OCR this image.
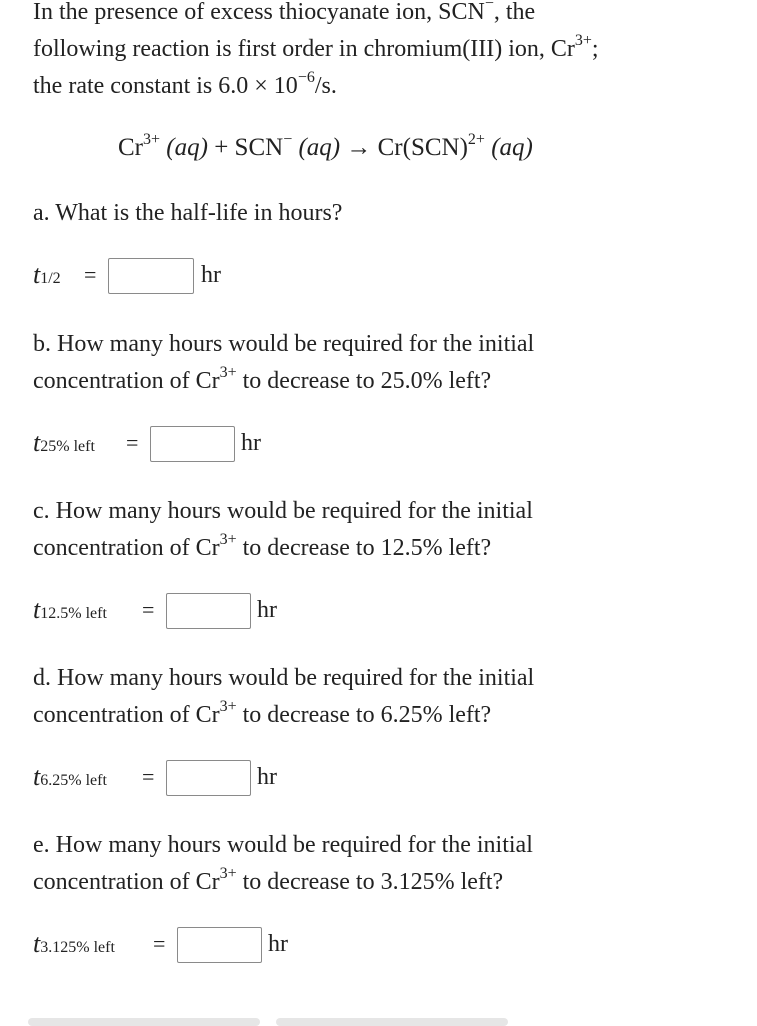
In the presence of excess thiocyanate ion, SCN−, the
following reaction is first order in chromium(III) ion, $Cr^{3+}$;
the rate constant is $6.0 \times 10^{-6}/s$.
$Cr^{3+}$ (aq) + SCN− (aq) → Cr(SCN)$^{2+}$ (aq)
a. What is the half-life in hours?
t1/2 =	hr
b. How many hours would be required for the initial
concentration of $Cr^{3+}$ to decrease to 25.0% left?
t25% left =	hr
c. How many hours would be required for the initial
concentration of $Cr^{3+}$ to decrease to 12.5% left?
t12.5% left =	hr
d. How many hours would be required for the initial
concentration of $Cr^{3+}$ to decrease to 6.25% left?
t6.25% left =	hr
e. How many hours would be required for the initial
concentration of $Cr^{3+}$ to decrease to 3.125% left?
t3.125% left =	hr
